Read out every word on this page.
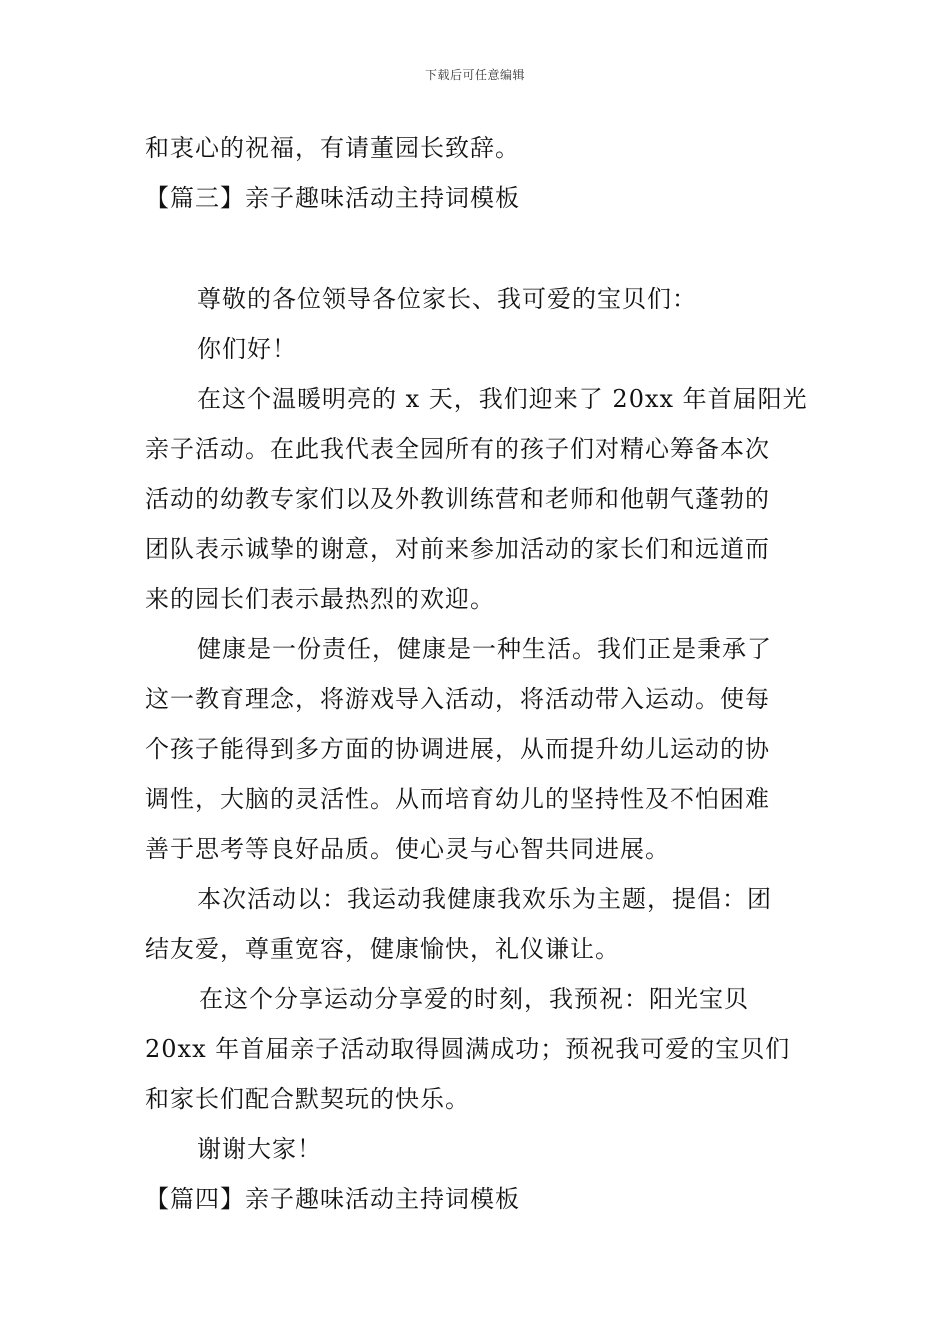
下载后可任意编辑
和衷心的祝福，有请董园长致辞。
【篇三】亲子趣味活动主持词模板
尊敬的各位领导各位家长、我可爱的宝贝们：
你们好！
在这个温暖明亮的 x 天，我们迎来了 20xx 年首届阳光
亲子活动。在此我代表全园所有的孩子们对精心筹备本次
活动的幼教专家们以及外教训练营和老师和他朝气蓬勃的
团队表示诚挚的谢意，对前来参加活动的家长们和远道而
来的园长们表示最热烈的欢迎。
健康是一份责任，健康是一种生活。我们正是秉承了
这一教育理念，将游戏导入活动，将活动带入运动。使每
个孩子能得到多方面的协调进展，从而提升幼儿运动的协
调性，大脑的灵活性。从而培育幼儿的坚持性及不怕困难
善于思考等良好品质。使心灵与心智共同进展。
本次活动以：我运动我健康我欢乐为主题，提倡：团
结友爱，尊重宽容，健康愉快，礼仪谦让。
在这个分享运动分享爱的时刻，我预祝：阳光宝贝
20xx 年首届亲子活动取得圆满成功；预祝我可爱的宝贝们
和家长们配合默契玩的快乐。
谢谢大家！
【篇四】亲子趣味活动主持词模板
